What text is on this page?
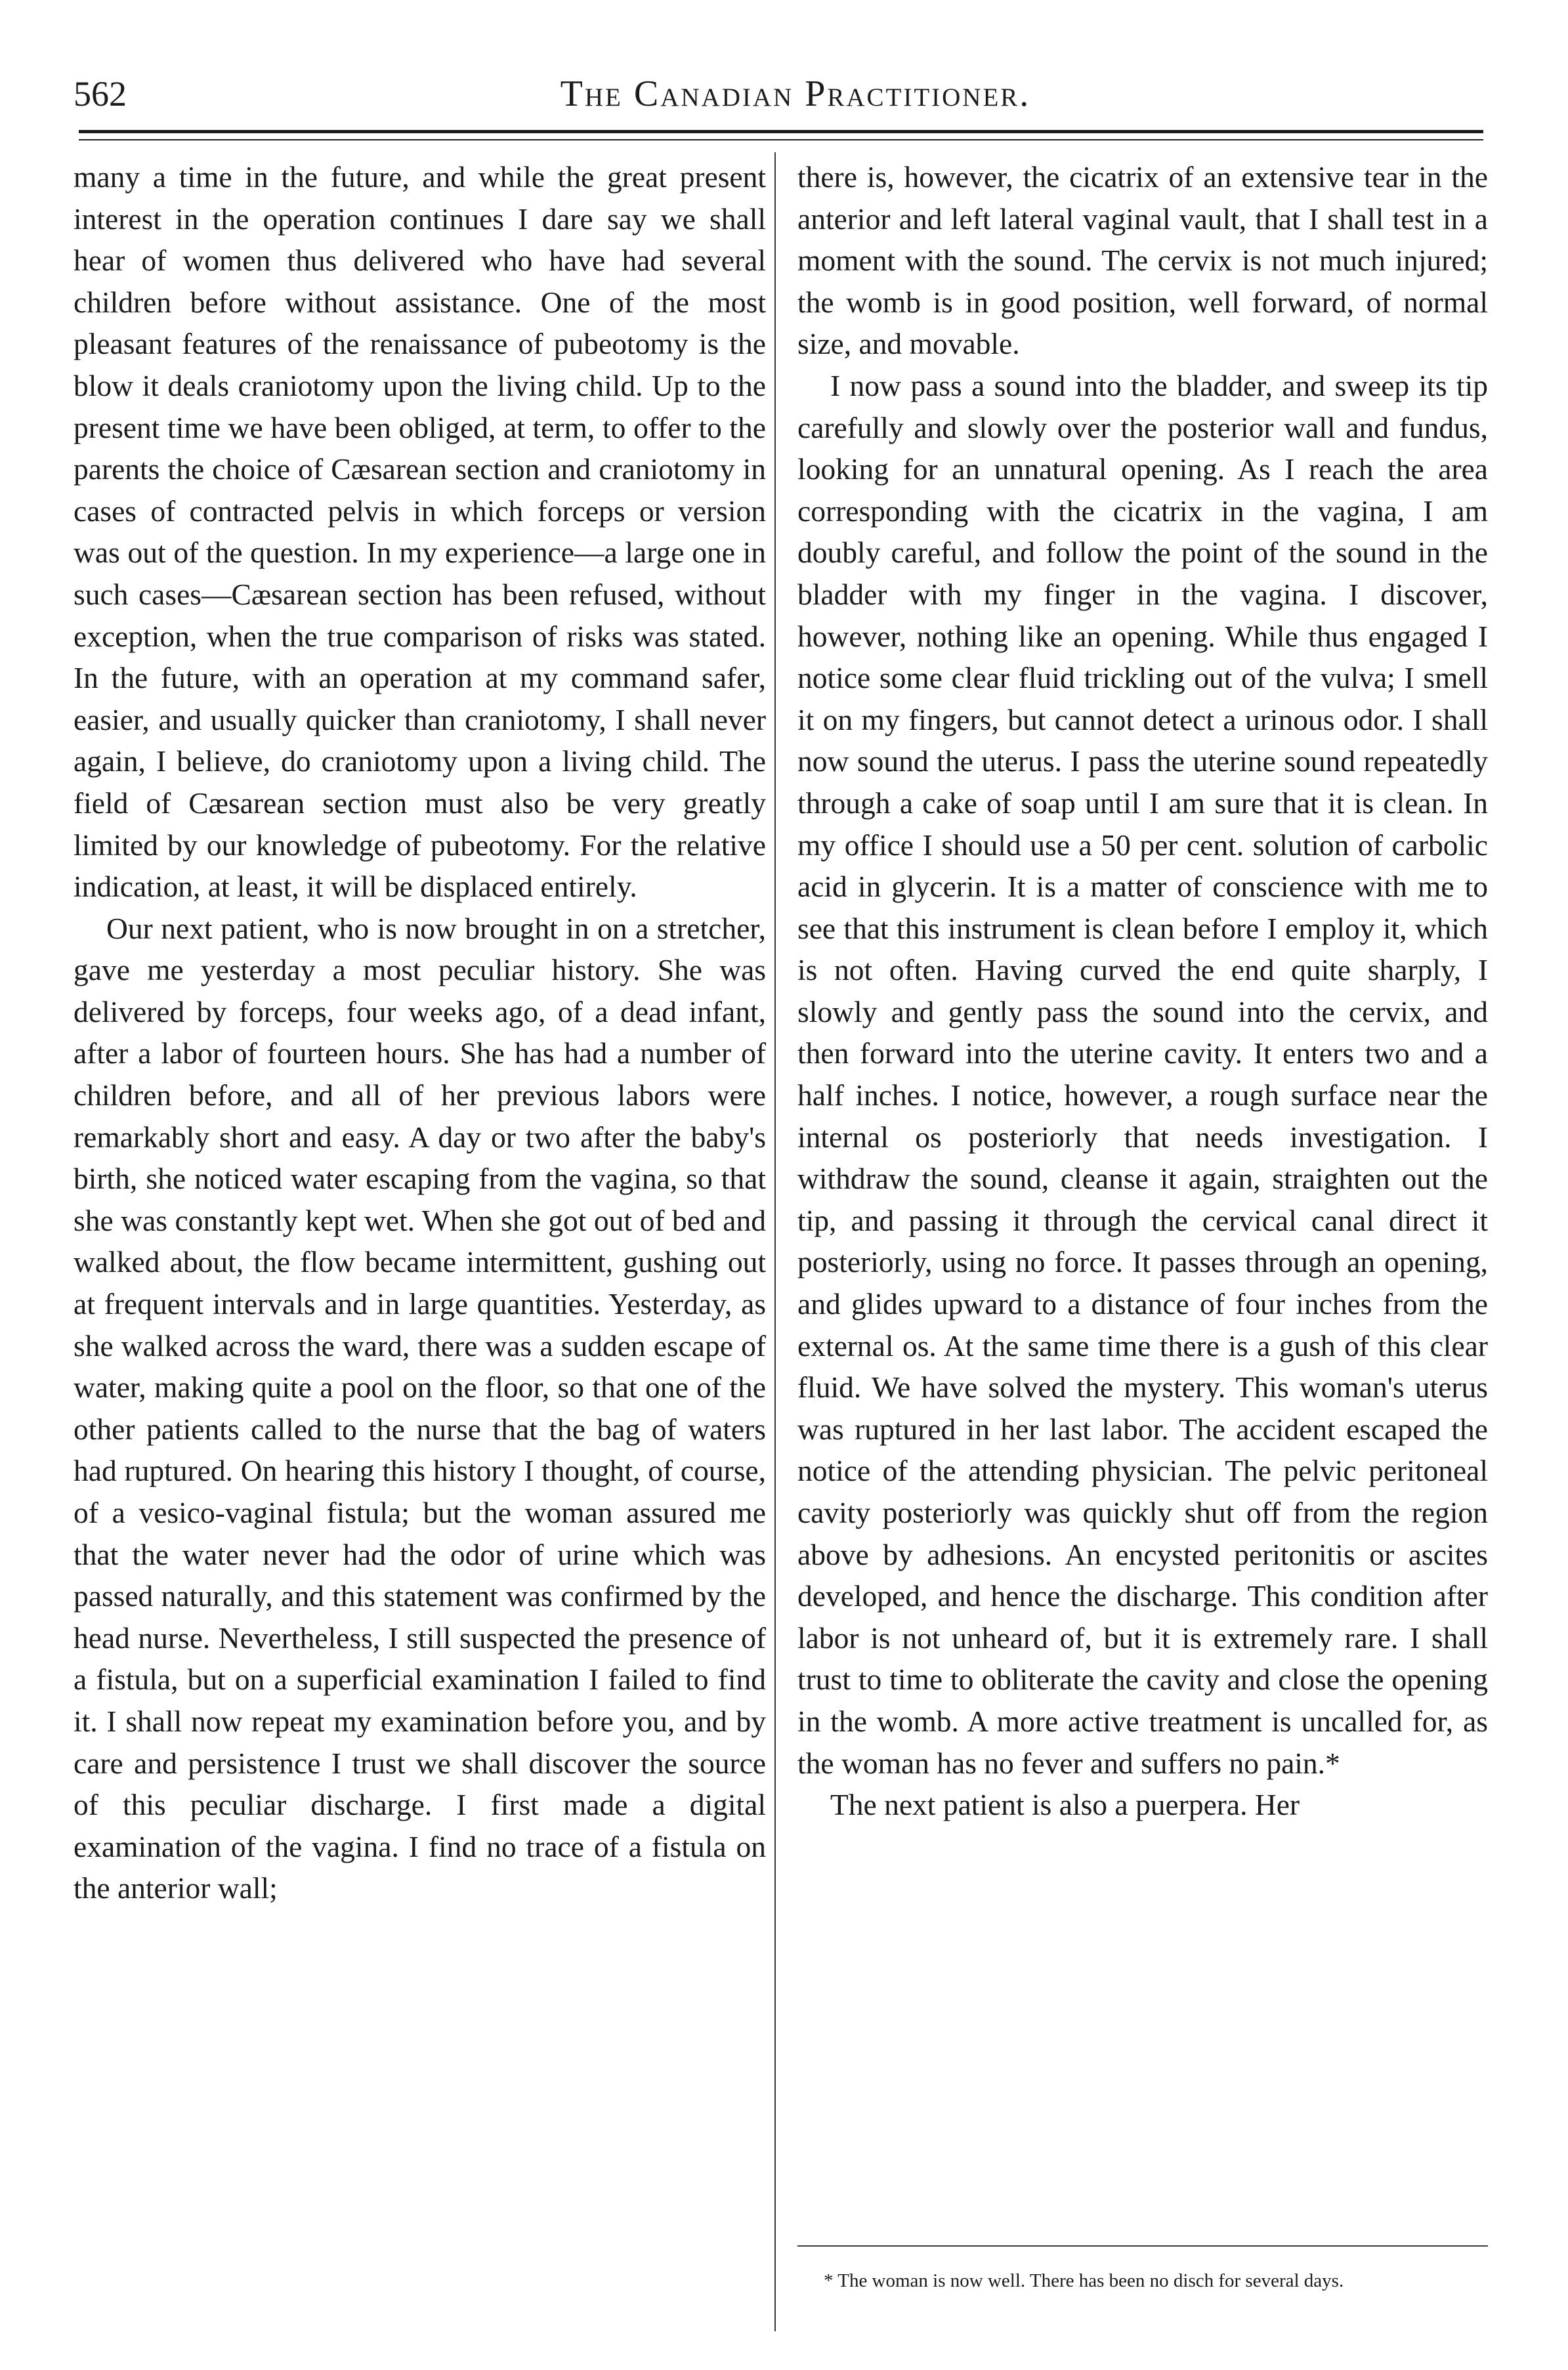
562	The Canadian Practitioner.

many a time in the future, and while the great present interest in the operation continues I dare say we shall hear of women thus delivered who have had several children before without assistance. One of the most pleasant features of the renaissance of pubeotomy is the blow it deals craniotomy upon the living child. Up to the present time we have been obliged, at term, to offer to the parents the choice of Cæsarean section and craniotomy in cases of contracted pelvis in which forceps or version was out of the question. In my experience—a large one in such cases—Cæsarean section has been refused, without exception, when the true comparison of risks was stated. In the future, with an operation at my command safer, easier, and usually quicker than craniotomy, I shall never again, I believe, do craniotomy upon a living child. The field of Cæsarean section must also be very greatly limited by our knowledge of pubeotomy. For the relative indication, at least, it will be displaced entirely.

Our next patient, who is now brought in on a stretcher, gave me yesterday a most peculiar history. She was delivered by forceps, four weeks ago, of a dead infant, after a labor of fourteen hours. She has had a number of children before, and all of her previous labors were remarkably short and easy. A day or two after the baby's birth, she noticed water escaping from the vagina, so that she was constantly kept wet. When she got out of bed and walked about, the flow became intermittent, gushing out at frequent intervals and in large quantities. Yesterday, as she walked across the ward, there was a sudden escape of water, making quite a pool on the floor, so that one of the other patients called to the nurse that the bag of waters had ruptured. On hearing this history I thought, of course, of a vesico-vaginal fistula; but the woman assured me that the water never had the odor of urine which was passed naturally, and this statement was confirmed by the head nurse. Nevertheless, I still suspected the presence of a fistula, but on a superficial examination I failed to find it. I shall now repeat my examination before you, and by care and persistence I trust we shall discover the source of this peculiar discharge. I first made a digital examination of the vagina. I find no trace of a fistula on the anterior wall;

there is, however, the cicatrix of an extensive tear in the anterior and left lateral vaginal vault, that I shall test in a moment with the sound. The cervix is not much injured; the womb is in good position, well forward, of normal size, and movable.

I now pass a sound into the bladder, and sweep its tip carefully and slowly over the posterior wall and fundus, looking for an unnatural opening. As I reach the area corresponding with the cicatrix in the vagina, I am doubly careful, and follow the point of the sound in the bladder with my finger in the vagina. I discover, however, nothing like an opening. While thus engaged I notice some clear fluid trickling out of the vulva; I smell it on my fingers, but cannot detect a urinous odor. I shall now sound the uterus. I pass the uterine sound repeatedly through a cake of soap until I am sure that it is clean. In my office I should use a 50 per cent. solution of carbolic acid in glycerin. It is a matter of conscience with me to see that this instrument is clean before I employ it, which is not often. Having curved the end quite sharply, I slowly and gently pass the sound into the cervix, and then forward into the uterine cavity. It enters two and a half inches. I notice, however, a rough surface near the internal os posteriorly that needs investigation. I withdraw the sound, cleanse it again, straighten out the tip, and passing it through the cervical canal direct it posteriorly, using no force. It passes through an opening, and glides upward to a distance of four inches from the external os. At the same time there is a gush of this clear fluid. We have solved the mystery. This woman's uterus was ruptured in her last labor. The accident escaped the notice of the attending physician. The pelvic peritoneal cavity posteriorly was quickly shut off from the region above by adhesions. An encysted peritonitis or ascites developed, and hence the discharge. This condition after labor is not unheard of, but it is extremely rare. I shall trust to time to obliterate the cavity and close the opening in the womb. A more active treatment is uncalled for, as the woman has no fever and suffers no pain.*

The next patient is also a puerpera. Her

* The woman is now well. There has been no disch for several days.
